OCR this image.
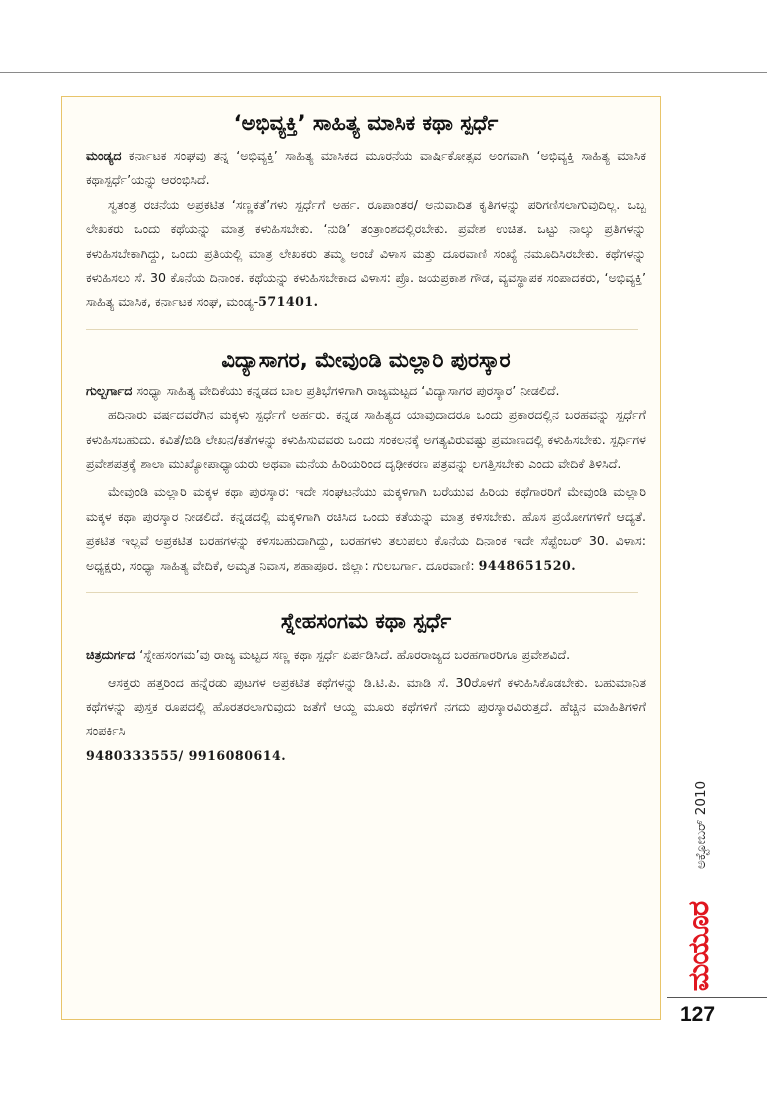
‘ಅಭಿವ್ಯಕ್ತಿ’ ಸಾಹಿತ್ಯ ಮಾಸಿಕ ಕಥಾ ಸ್ಪರ್ಧೆ

ಮಂಡ್ಯದ ಕರ್ನಾಟಕ ಸಂಘವು ತನ್ನ ‘ಅಭಿವ್ಯಕ್ತಿ’ ಸಾಹಿತ್ಯ ಮಾಸಿಕದ ಮೂರನೆಯ ವಾರ್ಷಿಕೋತ್ಸವ ಅಂಗವಾಗಿ ‘ಅಭಿವ್ಯಕ್ತಿ ಸಾಹಿತ್ಯ ಮಾಸಿಕ ಕಥಾಸ್ಪರ್ಧೆ’ಯನ್ನು ಆರಂಭಿಸಿದೆ.

ಸ್ವತಂತ್ರ ರಚನೆಯ ಅಪ್ರಕಟಿತ ‘ಸಣ್ಣಕತೆ’ಗಳು ಸ್ಪರ್ಧೆಗೆ ಅರ್ಹ. ರೂಪಾಂತರ/ ಅನುವಾದಿತ ಕೃತಿಗಳನ್ನು ಪರಿಗಣಿಸಲಾಗುವುದಿಲ್ಲ. ಒಬ್ಬ ಲೇಖಕರು ಒಂದು ಕಥೆಯನ್ನು ಮಾತ್ರ ಕಳುಹಿಸಬೇಕು. ‘ನುಡಿ’ ತಂತ್ರಾಂಶದಲ್ಲಿರಬೇಕು. ಪ್ರವೇಶ ಉಚಿತ. ಒಟ್ಟು ನಾಲ್ಕು ಪ್ರತಿಗಳನ್ನು ಕಳುಹಿಸಬೇಕಾಗಿದ್ದು, ಒಂದು ಪ್ರತಿಯಲ್ಲಿ ಮಾತ್ರ ಲೇಖಕರು ತಮ್ಮ ಅಂಚೆ ವಿಳಾಸ ಮತ್ತು ದೂರವಾಣಿ ಸಂಖ್ಯೆ ನಮೂದಿಸಿರಬೇಕು. ಕಥೆಗಳನ್ನು ಕಳುಹಿಸಲು ಸೆ. 30 ಕೊನೆಯ ದಿನಾಂಕ. ಕಥೆಯನ್ನು ಕಳುಹಿಸಬೇಕಾದ ವಿಳಾಸ: ಪ್ರೊ. ಜಯಪ್ರಕಾಶ ಗೌಡ, ವ್ಯವಸ್ಥಾಪಕ ಸಂಪಾದಕರು, ‘ಅಭಿವ್ಯಕ್ತಿ’ ಸಾಹಿತ್ಯ ಮಾಸಿಕ, ಕರ್ನಾಟಕ ಸಂಘ, ಮಂಡ್ಯ-571401.

ವಿದ್ಯಾಸಾಗರ, ಮೇವುಂಡಿ ಮಲ್ಲಾರಿ ಪುರಸ್ಕಾರ

ಗುಲ್ಬರ್ಗಾದ ಸಂಧ್ಯಾ ಸಾಹಿತ್ಯ ವೇದಿಕೆಯು ಕನ್ನಡದ ಬಾಲ ಪ್ರತಿಭೆಗಳಿಗಾಗಿ ರಾಜ್ಯಮಟ್ಟದ ‘ವಿದ್ಯಾಸಾಗರ ಪುರಸ್ಕಾರ’ ನೀಡಲಿದೆ.

ಹದಿನಾರು ವರ್ಷದವರೆಗಿನ ಮಕ್ಕಳು ಸ್ಪರ್ಧೆಗೆ ಅರ್ಹರು. ಕನ್ನಡ ಸಾಹಿತ್ಯದ ಯಾವುದಾದರೂ ಒಂದು ಪ್ರಕಾರದಲ್ಲಿನ ಬರಹವನ್ನು ಸ್ಪರ್ಧೆಗೆ ಕಳುಹಿಸಬಹುದು. ಕವಿತೆ/ಬಿಡಿ ಲೇಖನ/ಕತೆಗಳನ್ನು ಕಳುಹಿಸುವವರು ಒಂದು ಸಂಕಲನಕ್ಕೆ ಅಗತ್ಯವಿರುವಷ್ಟು ಪ್ರಮಾಣದಲ್ಲಿ ಕಳುಹಿಸಬೇಕು. ಸ್ಪರ್ಧಿಗಳ ಪ್ರವೇಶಪತ್ರಕ್ಕೆ ಶಾಲಾ ಮುಖ್ಯೋಪಾಧ್ಯಾಯರು ಅಥವಾ ಮನೆಯ ಹಿರಿಯರಿಂದ ದೃಢೀಕರಣ ಪತ್ರವನ್ನು ಲಗತ್ತಿಸಬೇಕು ಎಂದು ವೇದಿಕೆ ತಿಳಿಸಿದೆ.

ಮೇವುಂಡಿ ಮಲ್ಲಾರಿ ಮಕ್ಕಳ ಕಥಾ ಪುರಸ್ಕಾರ: ಇದೇ ಸಂಘಟನೆಯು ಮಕ್ಕಳಿಗಾಗಿ ಬರೆಯುವ ಹಿರಿಯ ಕಥೆಗಾರರಿಗೆ ಮೇವುಂಡಿ ಮಲ್ಲಾರಿ ಮಕ್ಕಳ ಕಥಾ ಪುರಸ್ಕಾರ ನೀಡಲಿದೆ. ಕನ್ನಡದಲ್ಲಿ ಮಕ್ಕಳಿಗಾಗಿ ರಚಿಸಿದ ಒಂದು ಕತೆಯನ್ನು ಮಾತ್ರ ಕಳಿಸಬೇಕು. ಹೊಸ ಪ್ರಯೋಗಗಳಿಗೆ ಆದ್ಯತೆ. ಪ್ರಕಟಿತ ಇಲ್ಲವೆ ಅಪ್ರಕಟಿತ ಬರಹಗಳನ್ನು ಕಳಿಸಬಹುದಾಗಿದ್ದು, ಬರಹಗಳು ತಲುಪಲು ಕೊನೆಯ ದಿನಾಂಕ ಇದೇ ಸೆಪ್ಟೆಂಬರ್ 30. ವಿಳಾಸ: ಅಧ್ಯಕ್ಷರು, ಸಂಧ್ಯಾ ಸಾಹಿತ್ಯ ವೇದಿಕೆ, ಅಮೃತ ನಿವಾಸ, ಶಹಾಪೂರ. ಜಿಲ್ಲಾ: ಗುಲಬರ್ಗಾ. ದೂರವಾಣಿ: 9448651520.

ಸ್ನೇಹಸಂಗಮ ಕಥಾ ಸ್ಪರ್ಧೆ

ಚಿತ್ರದುರ್ಗದ ‘ಸ್ನೇಹಸಂಗಮ’ವು ರಾಜ್ಯ ಮಟ್ಟದ ಸಣ್ಣ ಕಥಾ ಸ್ಪರ್ಧೆ ಏರ್ಪಡಿಸಿದೆ. ಹೊರರಾಜ್ಯದ ಬರಹಗಾರರಿಗೂ ಪ್ರವೇಶವಿದೆ.

ಆಸಕ್ತರು ಹತ್ತರಿಂದ ಹನ್ನೆರಡು ಪುಟಗಳ ಅಪ್ರಕಟಿತ ಕಥೆಗಳನ್ನು ಡಿ.ಟಿ.ಪಿ. ಮಾಡಿ ಸೆ. 30ರೊಳಗೆ ಕಳುಹಿಸಿಕೊಡಬೇಕು. ಬಹುಮಾನಿತ ಕಥೆಗಳನ್ನು ಪುಸ್ತಕ ರೂಪದಲ್ಲಿ ಹೊರತರಲಾಗುವುದು ಜತೆಗೆ ಆಯ್ದ ಮೂರು ಕಥೆಗಳಿಗೆ ನಗದು ಪುರಸ್ಕಾರವಿರುತ್ತದೆ. ಹೆಚ್ಚಿನ ಮಾಹಿತಿಗಳಿಗೆ ಸಂಪರ್ಕಿಸಿ

9480333555/ 9916080614.

ಅಕ್ಟೋಬರ್ 2010
ಮಯೂರ
127
